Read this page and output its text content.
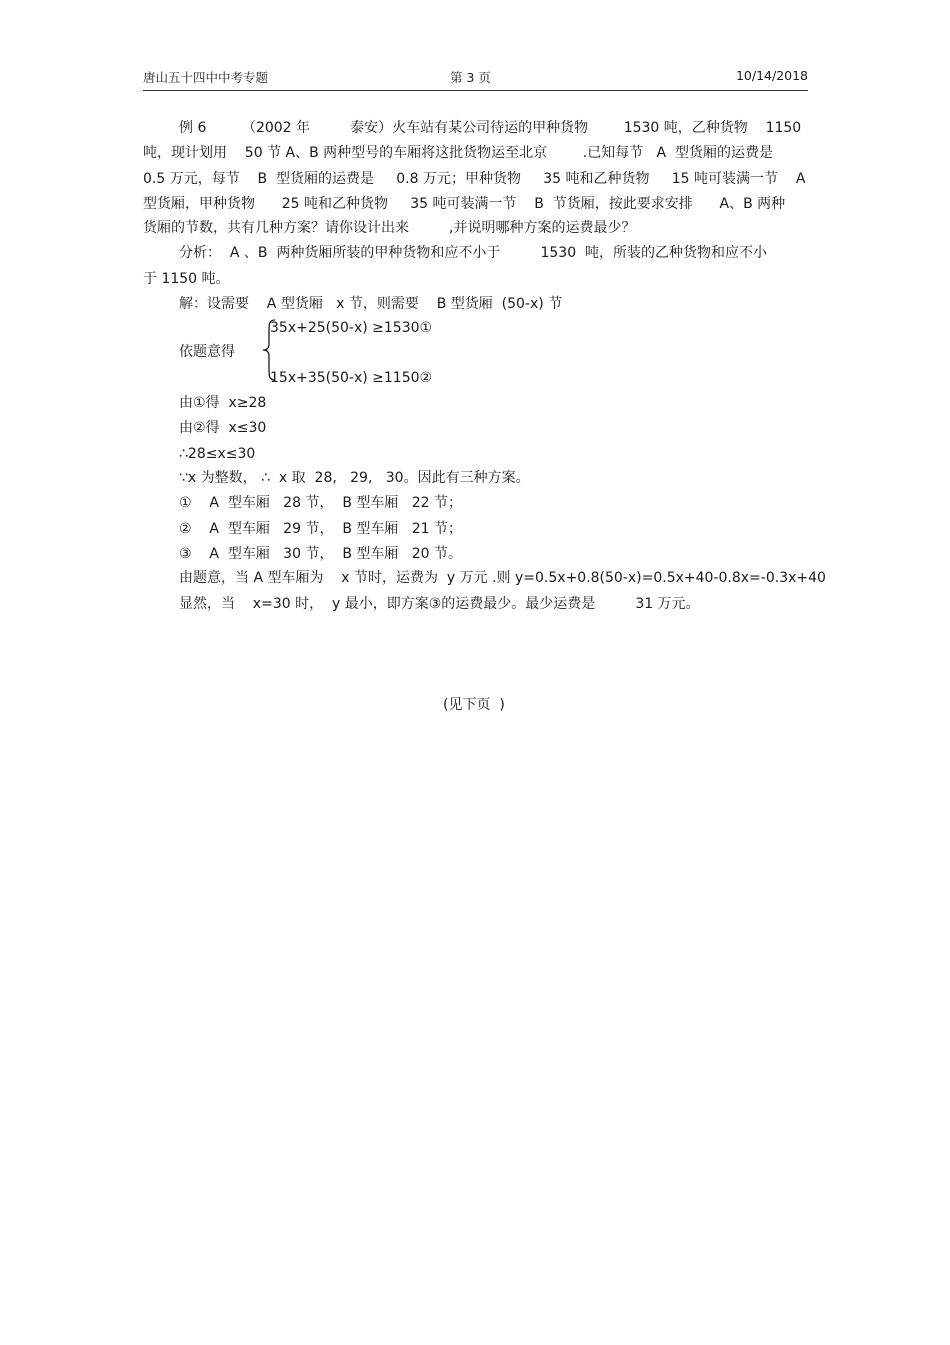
唐山五十四中中考专题	第 3 页	10/14/2018
例 6        （2002 年         泰安）火车站有某公司待运的甲种货物        1530 吨，乙种货物    1150
吨，现计划用    50 节 A、B 两种型号的车厢将这批货物运至北京        .已知每节   A  型货厢的运费是
0.5 万元，每节    B  型货厢的运费是     0.8 万元；甲种货物     35 吨和乙种货物     15 吨可装满一节    A
型货厢，甲种货物      25 吨和乙种货物     35 吨可装满一节    B  节货厢，按此要求安排      A、B 两种
货厢的节数，共有几种方案？请你设计出来         ,并说明哪种方案的运费最少？
分析：  A 、B  两种货厢所装的甲种货物和应不小于         1530  吨，所装的乙种货物和应不小
于 1150 吨。
解：设需要    A 型货厢   x 节，则需要    B 型货厢  (50-x) 节
依题意得
35x+25(50-x) ≥1530①
15x+35(50-x) ≥1150②
由①得  x≥28
由②得  x≤30
∴28≤x≤30
∵x 为整数， ∴  x 取  28,   29,   30。因此有三种方案。
①    A  型车厢   28 节，  B 型车厢   22 节；
②    A  型车厢   29 节，  B 型车厢   21 节；
③    A  型车厢   30 节，  B 型车厢   20 节。
由题意，当 A 型车厢为    x 节时，运费为  y 万元 .则 y=0.5x+0.8(50-x)=0.5x+40-0.8x=-0.3x+40
显然，当    x=30 时，  y 最小，即方案③的运费最少。最少运费是         31 万元。
(见下页  )
